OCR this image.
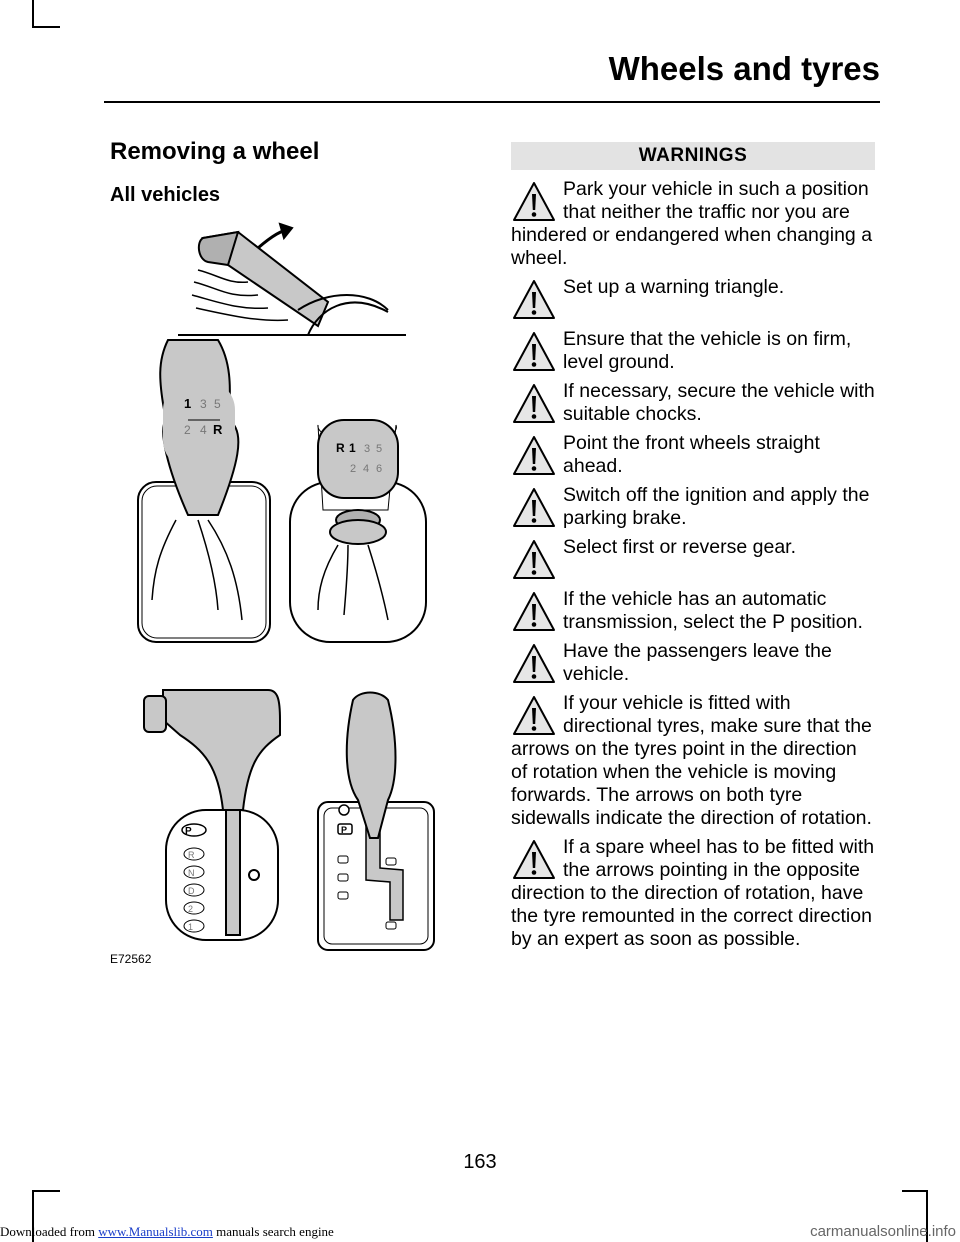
Wheels and tyres
Removing a wheel
All vehicles
1 3 5
2 4 R
R 1 3 5
2 4 6
P
R
N
D
2
1
P
E72562
WARNINGS
Park your vehicle in such a position that neither the traffic nor you are hindered or endangered when changing a wheel.
Set up a warning triangle.
Ensure that the vehicle is on firm, level ground.
If necessary, secure the vehicle with suitable chocks.
Point the front wheels straight ahead.
Switch off the ignition and apply the parking brake.
Select first or reverse gear.
If the vehicle has an automatic transmission, select the P position.
Have the passengers leave the vehicle.
If your vehicle is fitted with directional tyres, make sure that the arrows on the tyres point in the direction of rotation when the vehicle is moving forwards. The arrows on both tyre sidewalls indicate the direction of rotation.
If a spare wheel has to be fitted with the arrows pointing in the opposite direction to the direction of rotation, have the tyre remounted in the correct direction by an expert as soon as possible.
163
Downloaded from www.Manualslib.com manuals search engine	carmanualsonline.info
